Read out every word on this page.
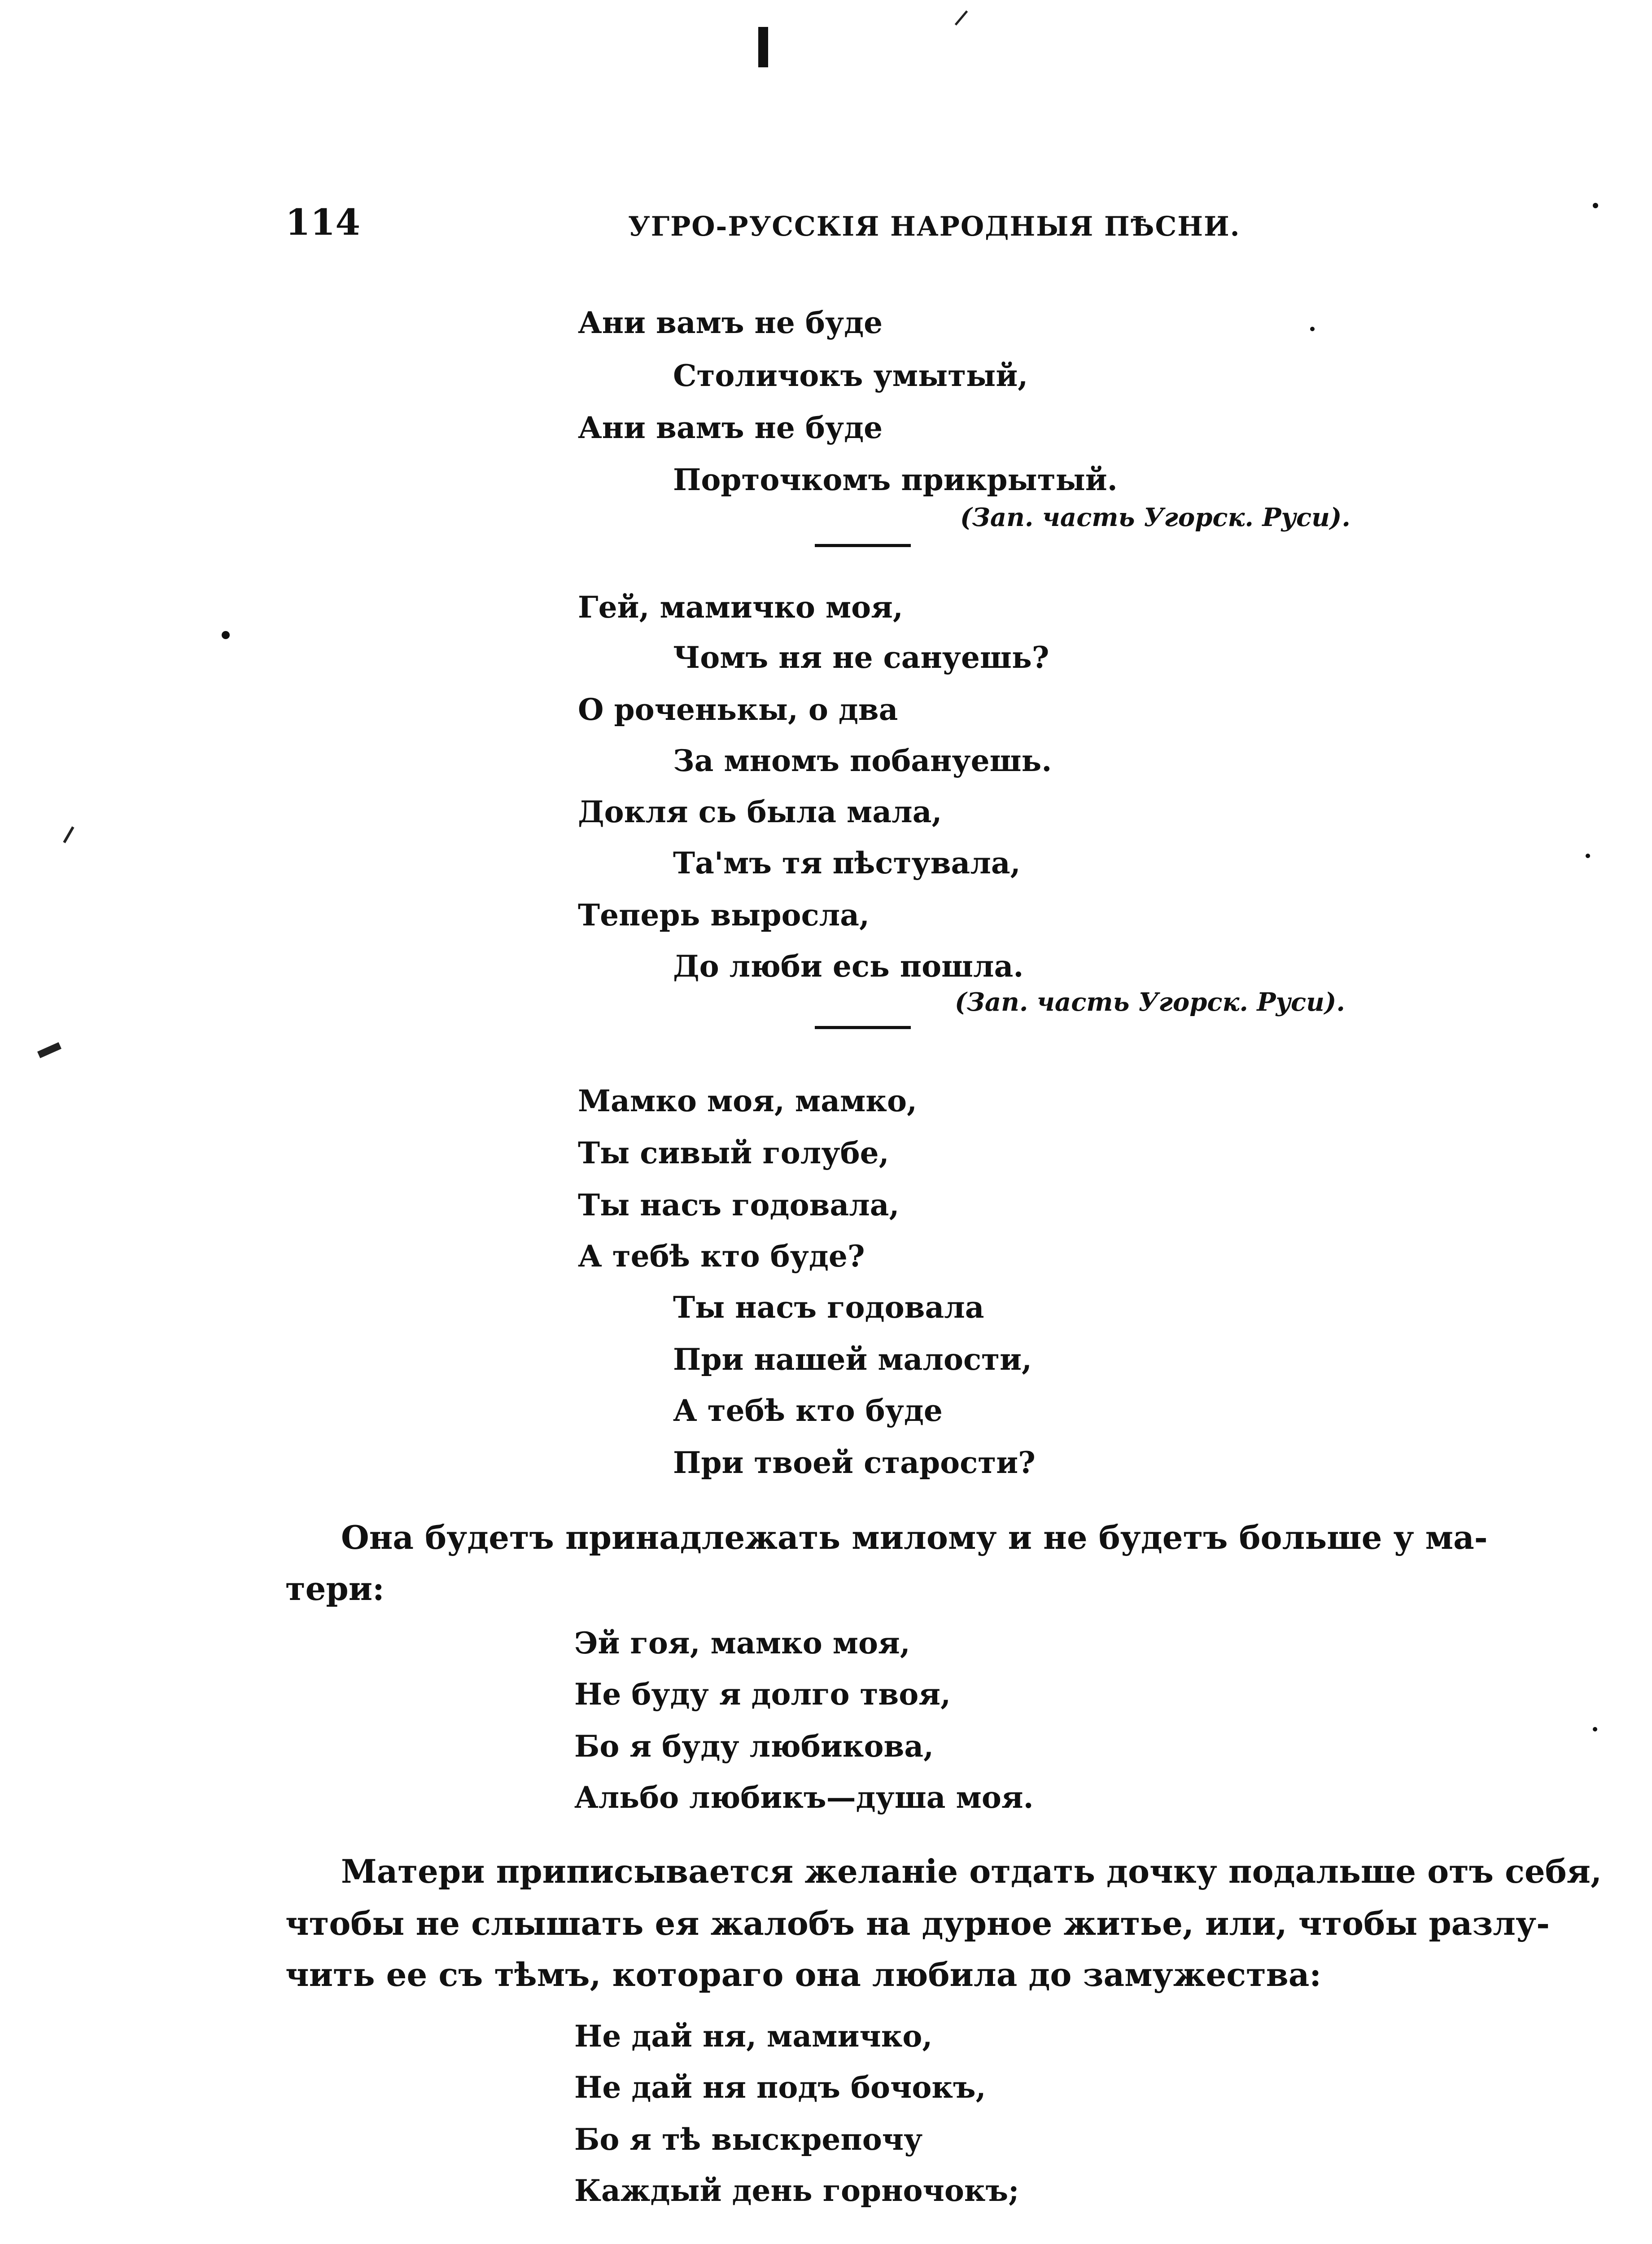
114	УГРО-РУССКІЯ НАРОДНЫЯ ПѢСНИ.
Ани вамъ не буде
Столичокъ умытый,
Ани вамъ не буде
Порточкомъ прикрытый.
(Зап. часть Угорск. Руси).
Гей, мамичко моя,
Чомъ ня не сануешь?
О роченькы, о два
За мномъ побануешь.
Докля сь была мала,
Та'мъ тя пѣстувала,
Теперь выросла,
До люби есь пошла.
(Зап. часть Угорск. Руси).
Мамко моя, мамко,
Ты сивый голубе,
Ты насъ годовала,
А тебѣ кто буде?
Ты насъ годовала
При нашей малости,
А тебѣ кто буде
При твоей старости?
Она будетъ принадлежать милому и не будетъ больше у ма-
тери:
Эй гоя, мамко моя,
Не буду я долго твоя,
Бо я буду любикова,
Альбо любикъ—душа моя.
Матери приписывается желаніе отдать дочку подальше отъ себя,
чтобы не слышать ея жалобъ на дурное житье, или, чтобы разлу-
чить ее съ тѣмъ, котораго она любила до замужества:
Не дай ня, мамичко,
Не дай ня подъ бочокъ,
Бо я тѣ выскрепочу
Каждый день горночокъ;
